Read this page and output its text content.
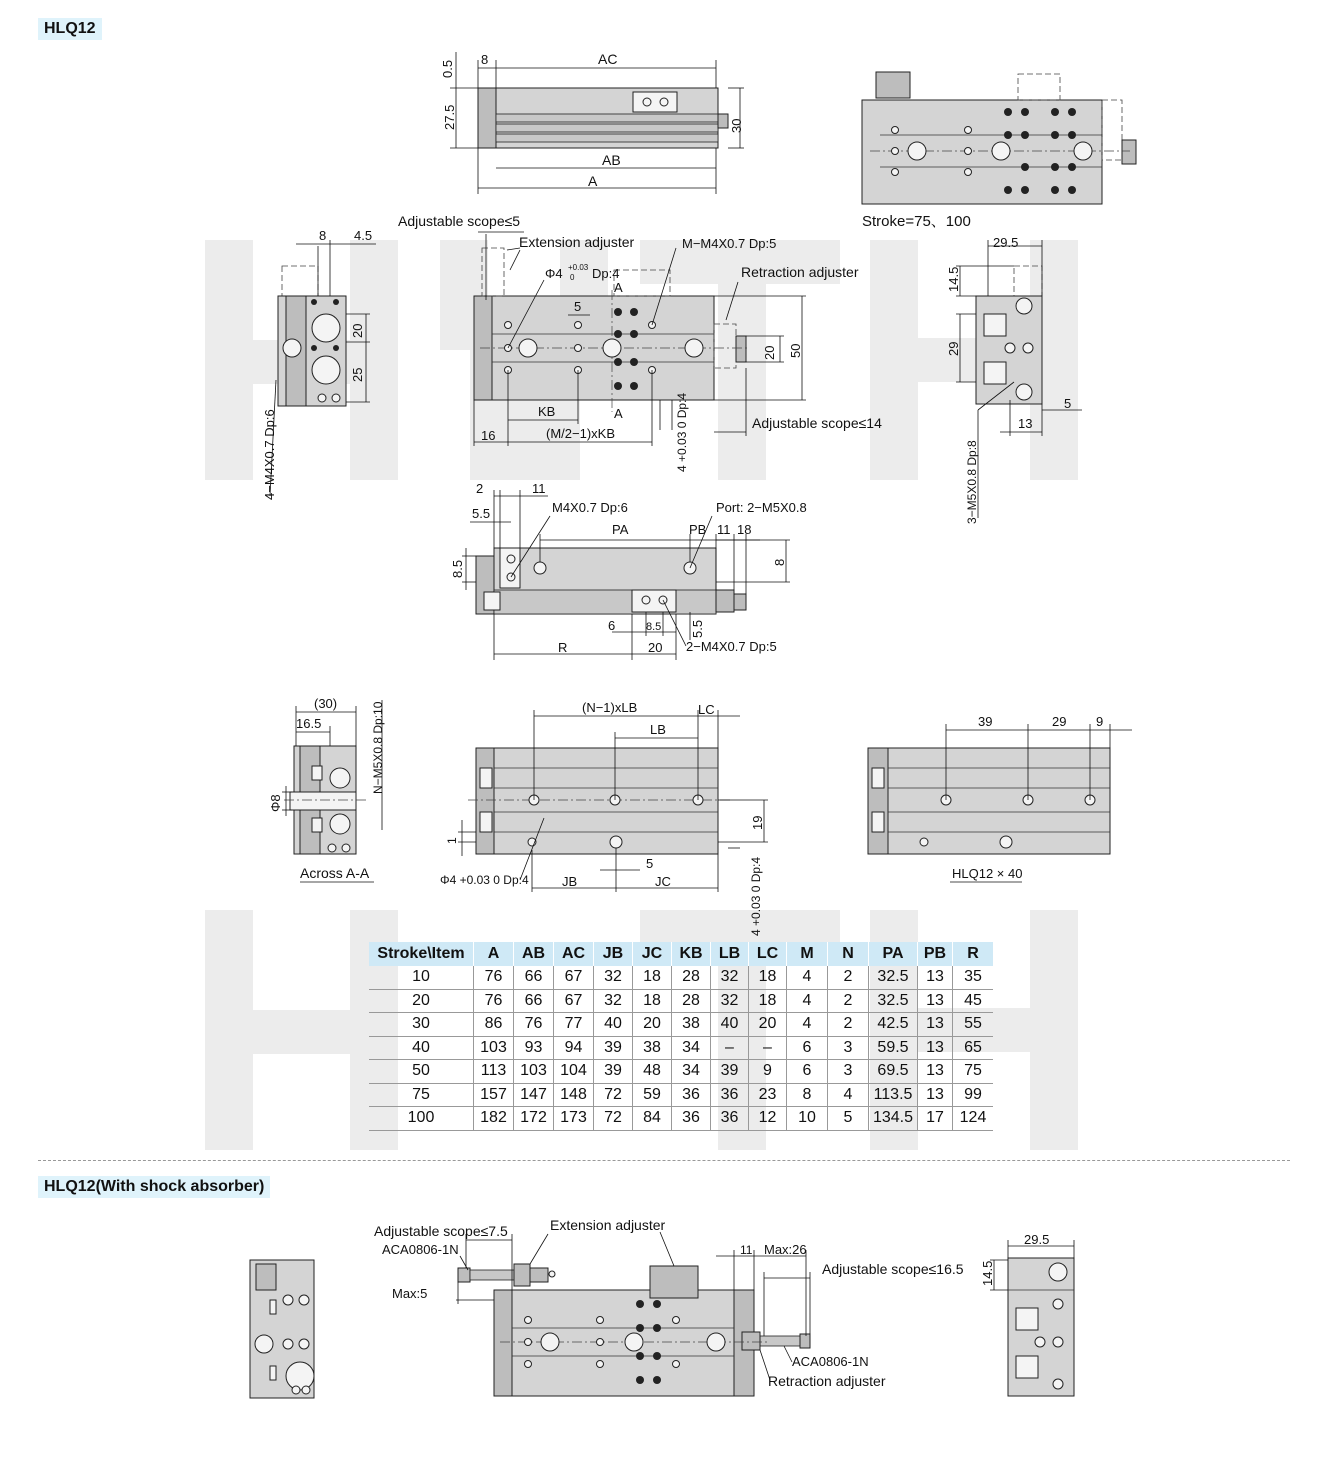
HLQ12
HLQ12(With shock absorber)
0.5
8	AC
27.5	30
AB
A
Stroke=75、100
8 4.5
20
25
4−M4X0.7 Dp:6
Adjustable scope≤5
Extension adjuster
Φ4 +0.03
0 Dp:4
M−M4X0.7 Dp:5
Retraction adjuster
A
A
5
20 50
KB
16	(M/2−1)xKB	4 +0.03 0 Dp:4	Adjustable scope≤14
29.5
14.5
29
5
13
3−M5X0.8 Dp:8
2	11
5.5	M4X0.7 Dp:6	Port: 2−M5X0.8
PA	PB 11 18
8.5	8
6	8.5 5.5
R	20 2−M4X0.7 Dp:5
(30)
16.5	N−M5X0.8 Dp:10
Φ8
Across A-A
(N−1)xLB	LC
LB
19
1
JB	JC
5
Φ4 +0.03 0 Dp:4	4 +0.03 0 Dp:4
39	29 9
HLQ12 × 40
Adjustable scope≤7.5	Extension adjuster
ACA0806-1N
Max:5
11 Max:26
Adjustable scope≤16.5
ACA0806-1N
Retraction adjuster
29.5
14.5
Stroke\Item	A	AB	AC	JB	JC	KB	LB	LC	M	N	PA	PB	R
10	76	66	67	32	18	28	32	18	4	2	32.5	13	35
20	76	66	67	32	18	28	32	18	4	2	32.5	13	45
30	86	76	77	40	20	38	40	20	4	2	42.5	13	55
40	103	93	94	39	38	34	–	–	6	3	59.5	13	65
50	113	103	104	39	48	34	39	9	6	3	69.5	13	75
75	157	147	148	72	59	36	36	23	8	4	113.5	13	99
100	182	172	173	72	84	36	36	12	10	5	134.5	17	124
